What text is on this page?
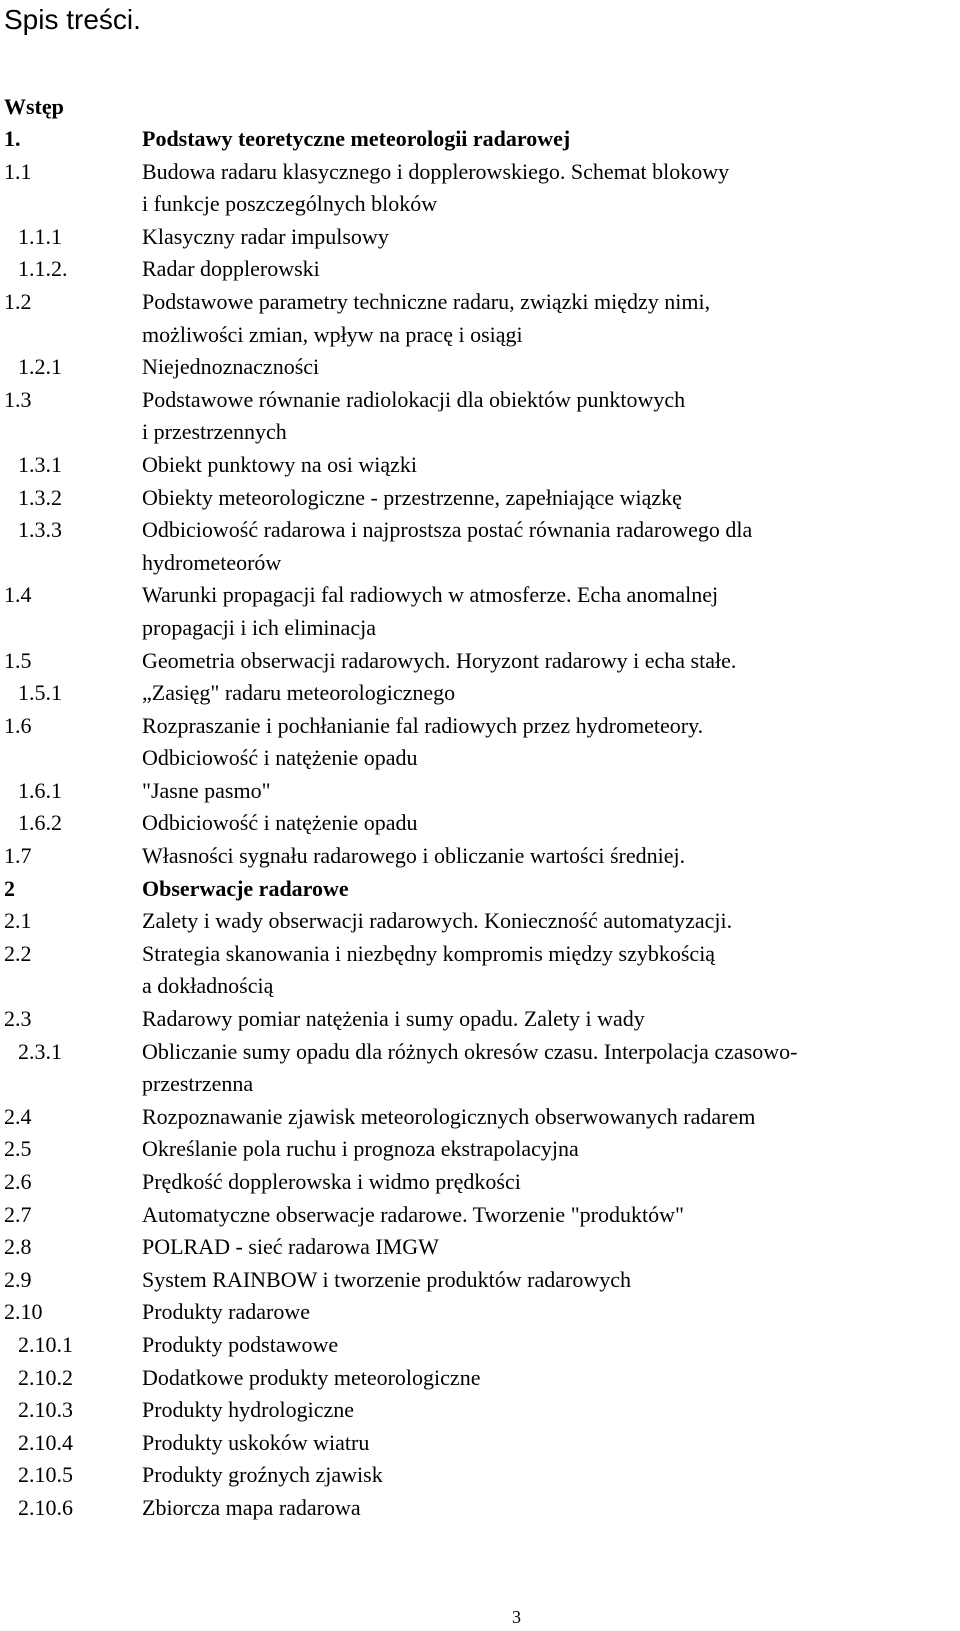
Spis treści.
Wstęp
1.	Podstawy teoretyczne meteorologii radarowej
1.1	Budowa radaru klasycznego i dopplerowskiego. Schemat blokowy
i funkcje poszczególnych bloków
1.1.1	Klasyczny radar impulsowy
1.1.2.	Radar dopplerowski
1.2	Podstawowe parametry techniczne radaru, związki między nimi,
możliwości zmian, wpływ na pracę i osiągi
1.2.1	Niejednoznaczności
1.3	Podstawowe równanie radiolokacji dla obiektów punktowych
i przestrzennych
1.3.1	Obiekt punktowy na osi wiązki
1.3.2	Obiekty meteorologiczne - przestrzenne, zapełniające wiązkę
1.3.3	Odbiciowość radarowa i najprostsza postać równania radarowego dla
hydrometeorów
1.4	Warunki propagacji fal radiowych w atmosferze. Echa anomalnej
propagacji i ich eliminacja
1.5	Geometria obserwacji radarowych. Horyzont radarowy i echa stałe.
1.5.1	„Zasięg" radaru meteorologicznego
1.6	Rozpraszanie i pochłanianie fal radiowych przez hydrometeory.
Odbiciowość i natężenie opadu
1.6.1	"Jasne pasmo"
1.6.2	Odbiciowość i natężenie opadu
1.7	Własności sygnału radarowego i obliczanie wartości średniej.
2	Obserwacje radarowe
2.1	Zalety i wady obserwacji radarowych. Konieczność automatyzacji.
2.2	Strategia skanowania i niezbędny kompromis między szybkością
a dokładnością
2.3	Radarowy pomiar natężenia i sumy opadu. Zalety i wady
2.3.1	Obliczanie sumy opadu dla różnych okresów czasu. Interpolacja czasowo-
przestrzenna
2.4	Rozpoznawanie zjawisk meteorologicznych obserwowanych radarem
2.5	Określanie pola ruchu i prognoza ekstrapolacyjna
2.6	Prędkość dopplerowska i widmo prędkości
2.7	Automatyczne obserwacje radarowe. Tworzenie "produktów"
2.8	POLRAD - sieć radarowa IMGW
2.9	System RAINBOW i tworzenie produktów radarowych
2.10	Produkty radarowe
2.10.1	Produkty podstawowe
2.10.2	Dodatkowe produkty meteorologiczne
2.10.3	Produkty hydrologiczne
2.10.4	Produkty uskoków wiatru
2.10.5	Produkty groźnych zjawisk
2.10.6	Zbiorcza mapa radarowa
3
